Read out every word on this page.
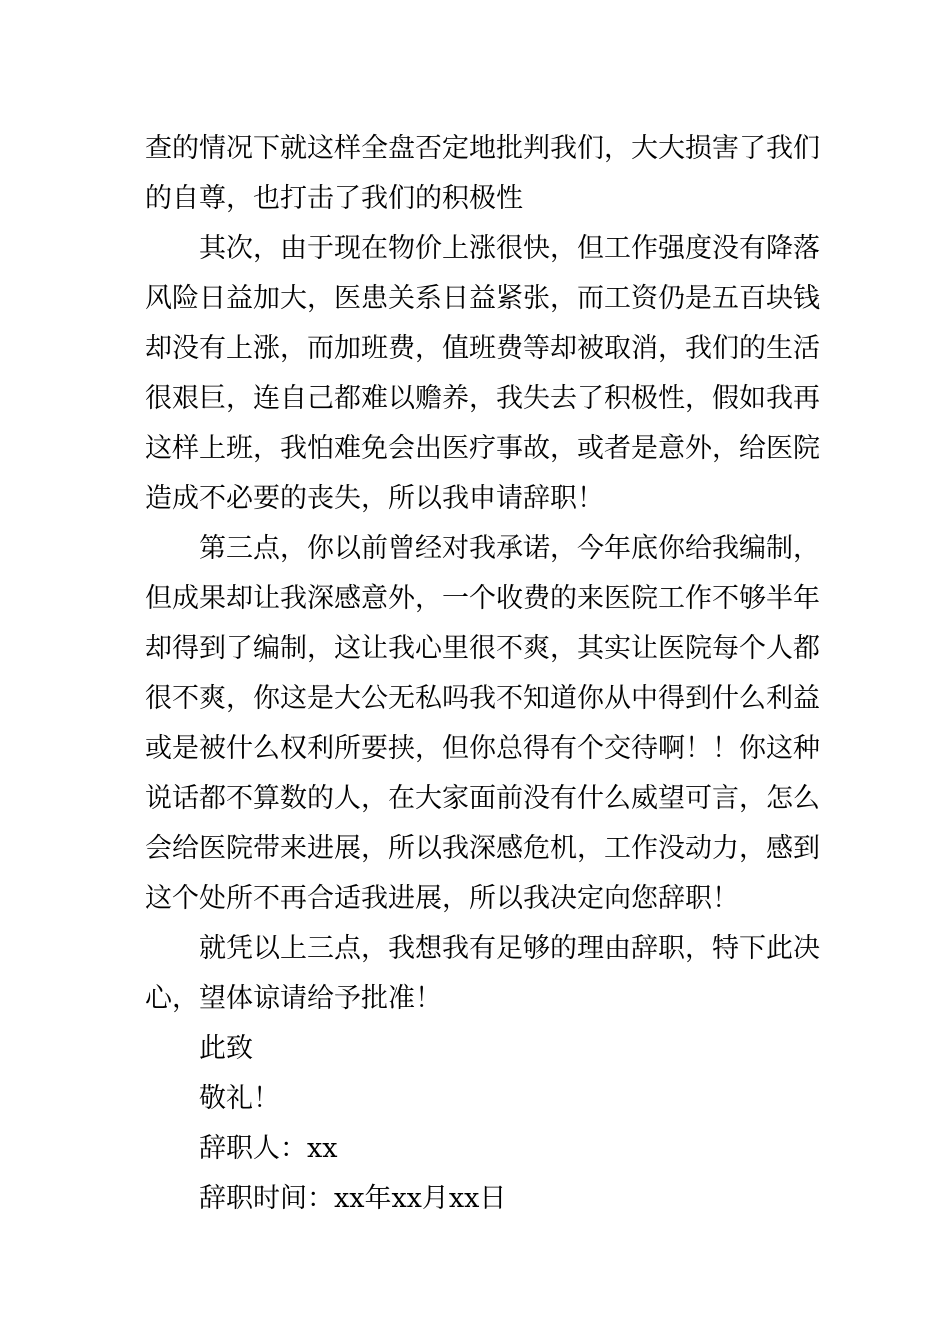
查的情况下就这样全盘否定地批判我们，大大损害了我们
的自尊，也打击了我们的积极性
其次，由于现在物价上涨很快，但工作强度没有降落
风险日益加大，医患关系日益紧张，而工资仍是五百块钱
却没有上涨，而加班费，值班费等却被取消，我们的生活
很艰巨，连自己都难以赡养，我失去了积极性，假如我再
这样上班，我怕难免会出医疗事故，或者是意外，给医院
造成不必要的丧失，所以我申请辞职！
第三点，你以前曾经对我承诺，今年底你给我编制，
但成果却让我深感意外，一个收费的来医院工作不够半年
却得到了编制，这让我心里很不爽，其实让医院每个人都
很不爽，你这是大公无私吗我不知道你从中得到什么利益
或是被什么权利所要挟，但你总得有个交待啊！！你这种
说话都不算数的人，在大家面前没有什么威望可言，怎么
会给医院带来进展，所以我深感危机，工作没动力，感到
这个处所不再合适我进展，所以我决定向您辞职！
就凭以上三点，我想我有足够的理由辞职，特下此决
心，望体谅请给予批准！
此致
敬礼！
辞职人：xx
辞职时间：xx年xx月xx日
